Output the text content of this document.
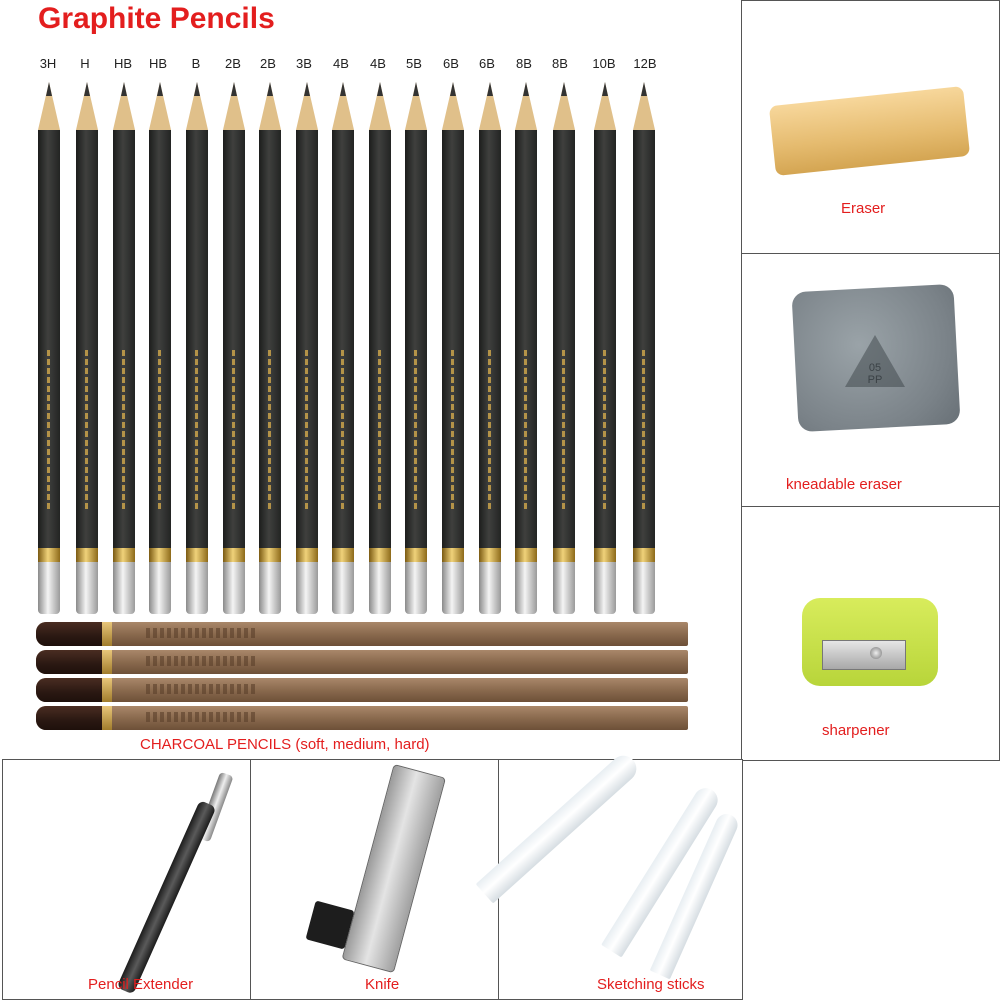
Graphite Pencils
3H	H	HB	HB	B	2B	2B	3B	4B	4B	5B	6B	6B	8B	8B	10B	12B
CHARCOAL PENCILS (soft, medium, hard)
Eraser
05
PP
kneadable eraser
sharpener
Pencil Extender	Knife	Sketching sticks
